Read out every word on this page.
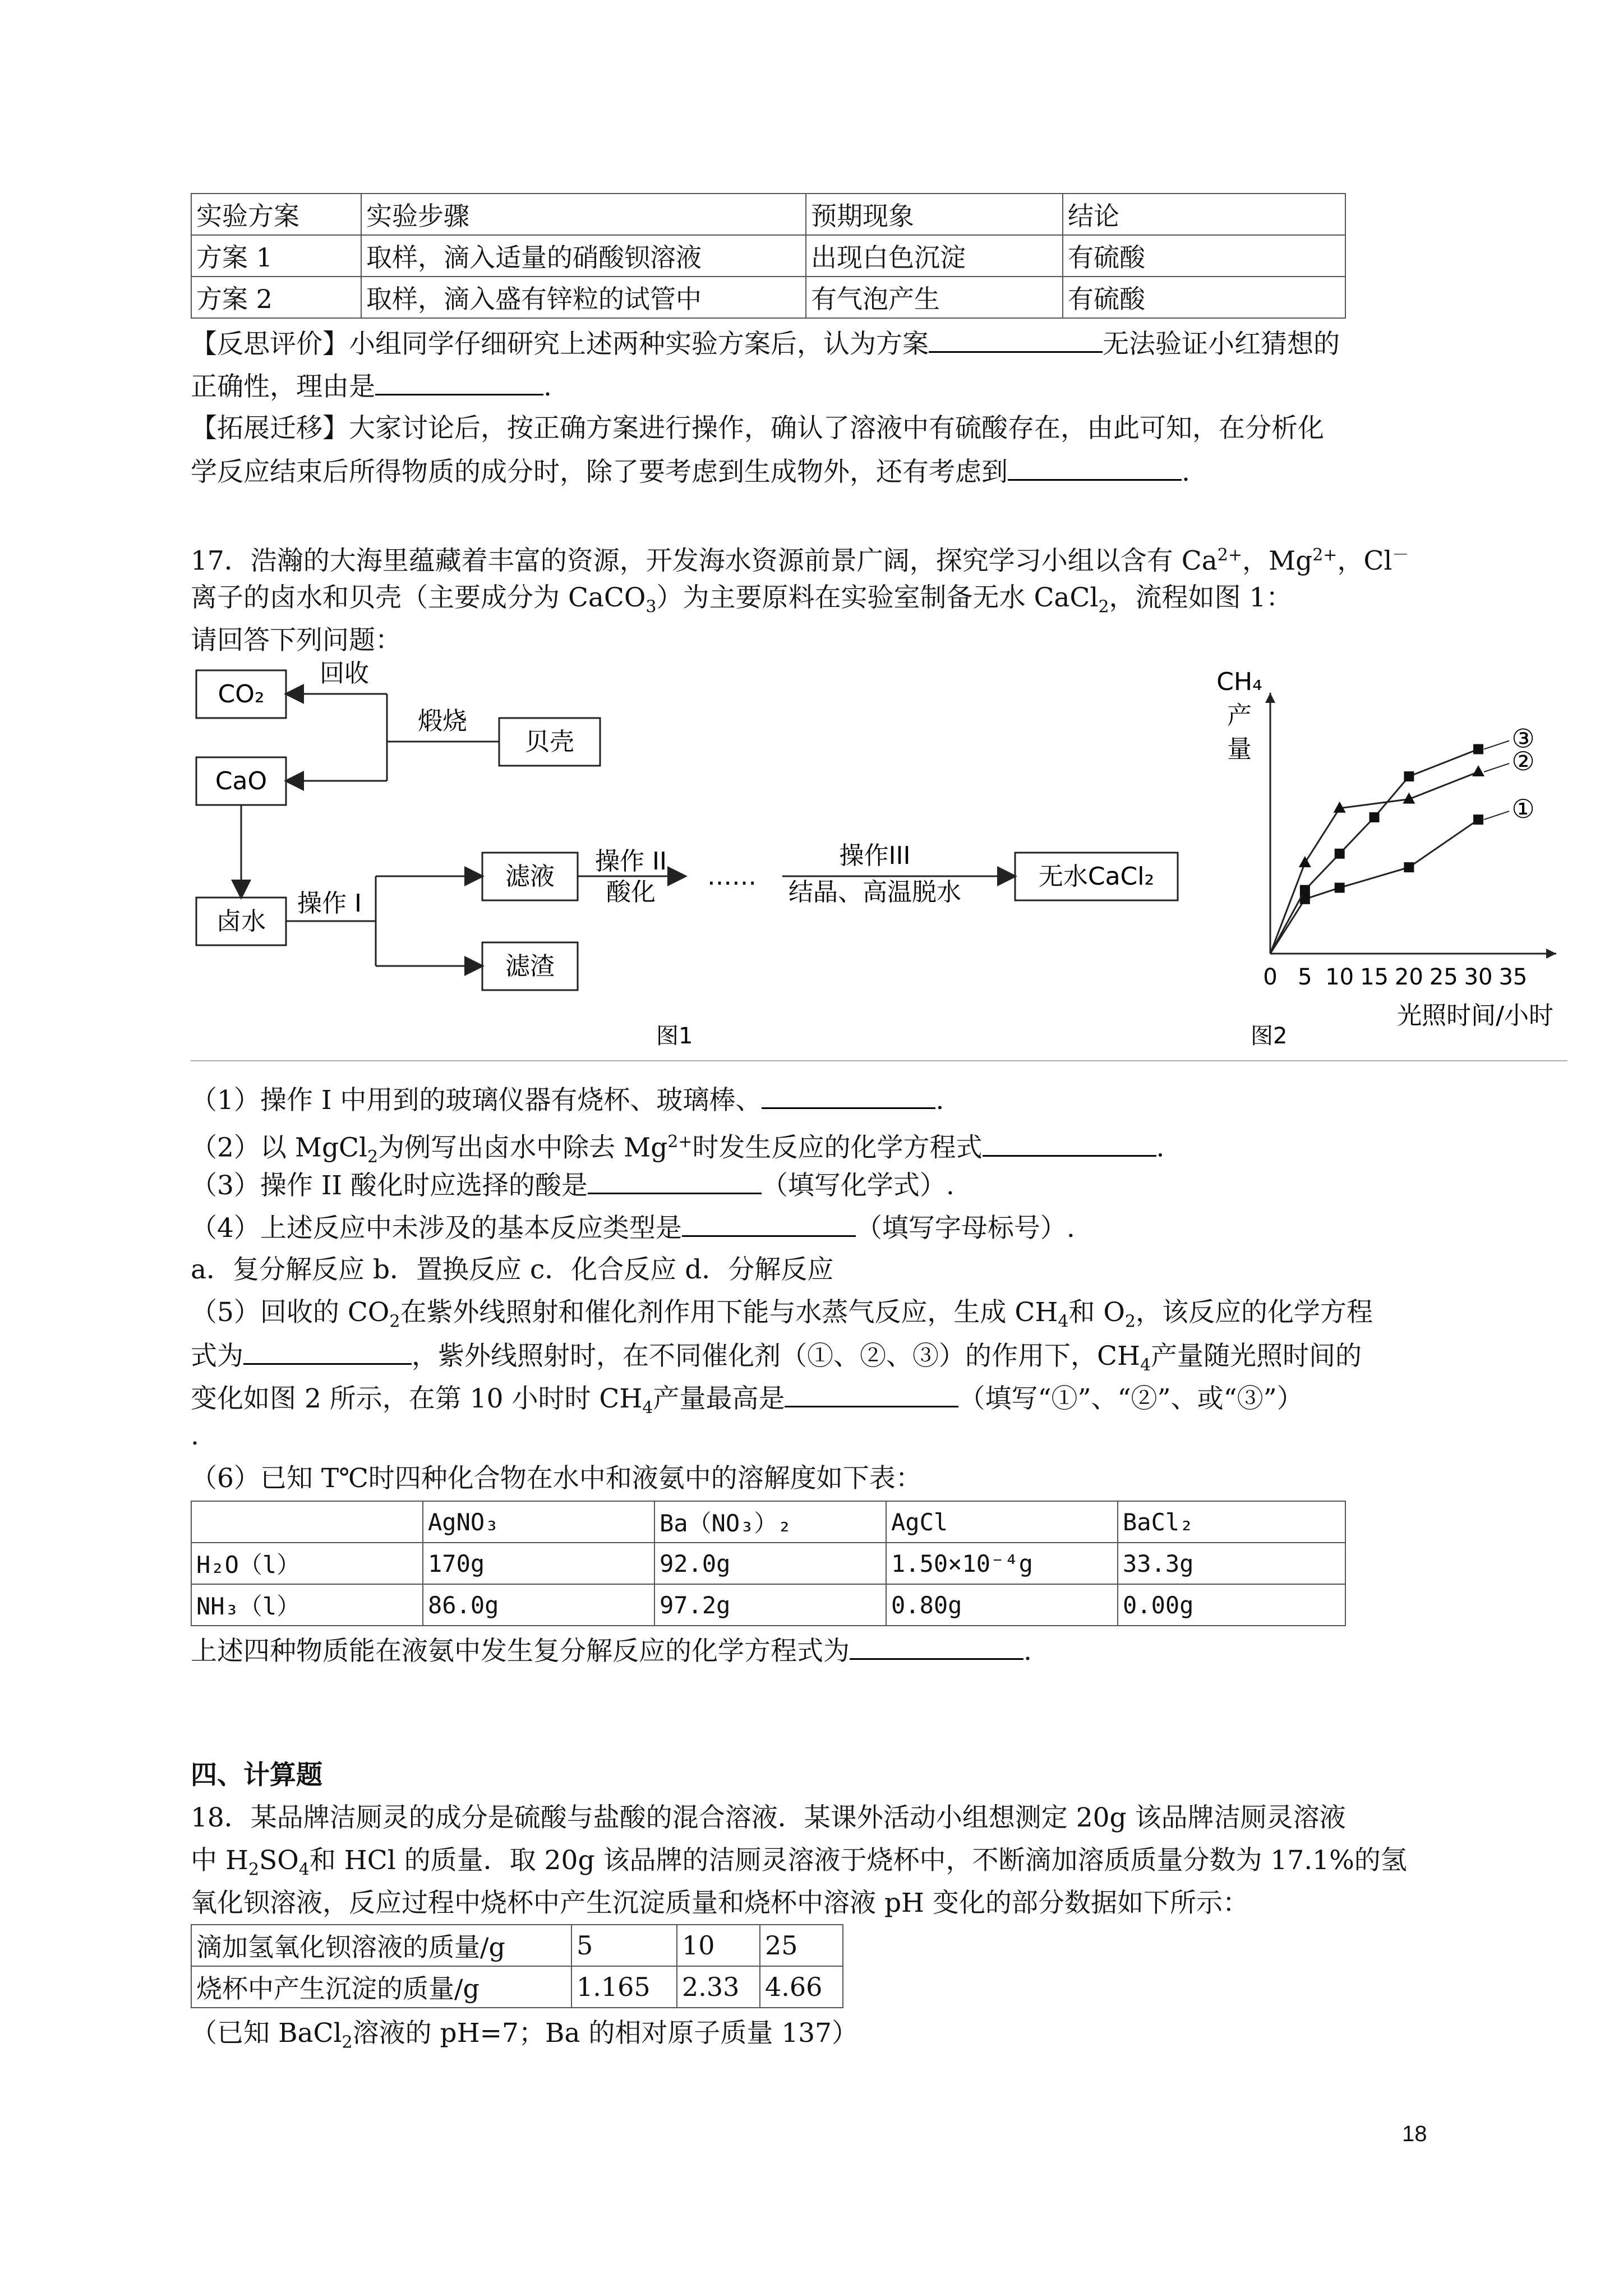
实验方案	实验步骤	预期现象	结论
方案 1	取样，滴入适量的硝酸钡溶液	出现白色沉淀	有硫酸
方案 2	取样，滴入盛有锌粒的试管中	有气泡产生	有硫酸
【反思评价】小组同学仔细研究上述两种实验方案后，认为方案	无法验证小红猜想的
正确性，理由是	.
【拓展迁移】大家讨论后，按正确方案进行操作，确认了溶液中有硫酸存在，由此可知，在分析化
学反应结束后所得物质的成分时，除了要考虑到生成物外，还有考虑到	.
17．浩瀚的大海里蕴藏着丰富的资源，开发海水资源前景广阔，探究学习小组以含有 $Ca^{2+}$，$Mg^{2+}$，Cl－
离子的卤水和贝壳（主要成分为 CaCO$_3$）为主要原料在实验室制备无水 CaCl$_2$，流程如图 1：
请回答下列问题：
CO₂
回收
煅烧
贝壳
CaO
卤水
操作 I
滤液
操作 II
酸化
……
操作III
结晶、高温脱水
无水CaCl₂
滤渣
图1
CH₄
产
量
0 5 10 15 20 25 30 35
光照时间/小时
图2
①
②
③
（1）操作 I 中用到的玻璃仪器有烧杯、玻璃棒、	.
（2）以 MgCl$_2$为例写出卤水中除去 $Mg^{2+}$时发生反应的化学方程式	.
（3）操作 II 酸化时应选择的酸是	（填写化学式）.
（4）上述反应中未涉及的基本反应类型是	（填写字母标号）.
a．复分解反应 b．置换反应 c．化合反应 d．分解反应
（5）回收的 $CO_2$在紫外线照射和催化剂作用下能与水蒸气反应，生成 $CH_4$和 $O_2$，该反应的化学方程
式为	，紫外线照射时，在不同催化剂（①、②、③）的作用下，$CH_4$产量随光照时间的
变化如图 2 所示，在第 10 小时时 $CH_4$产量最高是	（填写“①”、“②”、或“③”）
.
（6）已知 T℃时四种化合物在水中和液氨中的溶解度如下表：
	AgNO₃	Ba（NO₃）₂	AgCl	BaCl₂
H₂O（l）	170g	92.0g	1.50×10⁻⁴g	33.3g
NH₃（l）	86.0g	97.2g	0.80g	0.00g
上述四种物质能在液氨中发生复分解反应的化学方程式为	.
四、计算题
18．某品牌洁厕灵的成分是硫酸与盐酸的混合溶液．某课外活动小组想测定 20g 该品牌洁厕灵溶液
中 $H_2SO_4$和 HCl 的质量．取 20g 该品牌的洁厕灵溶液于烧杯中，不断滴加溶质质量分数为 17.1%的氢
氧化钡溶液，反应过程中烧杯中产生沉淀质量和烧杯中溶液 pH 变化的部分数据如下所示：
滴加氢氧化钡溶液的质量/g	5	10	25
烧杯中产生沉淀的质量/g	1.165	2.33	4.66
（已知 BaCl$_2$溶液的 pH=7；Ba 的相对原子质量 137）
18
